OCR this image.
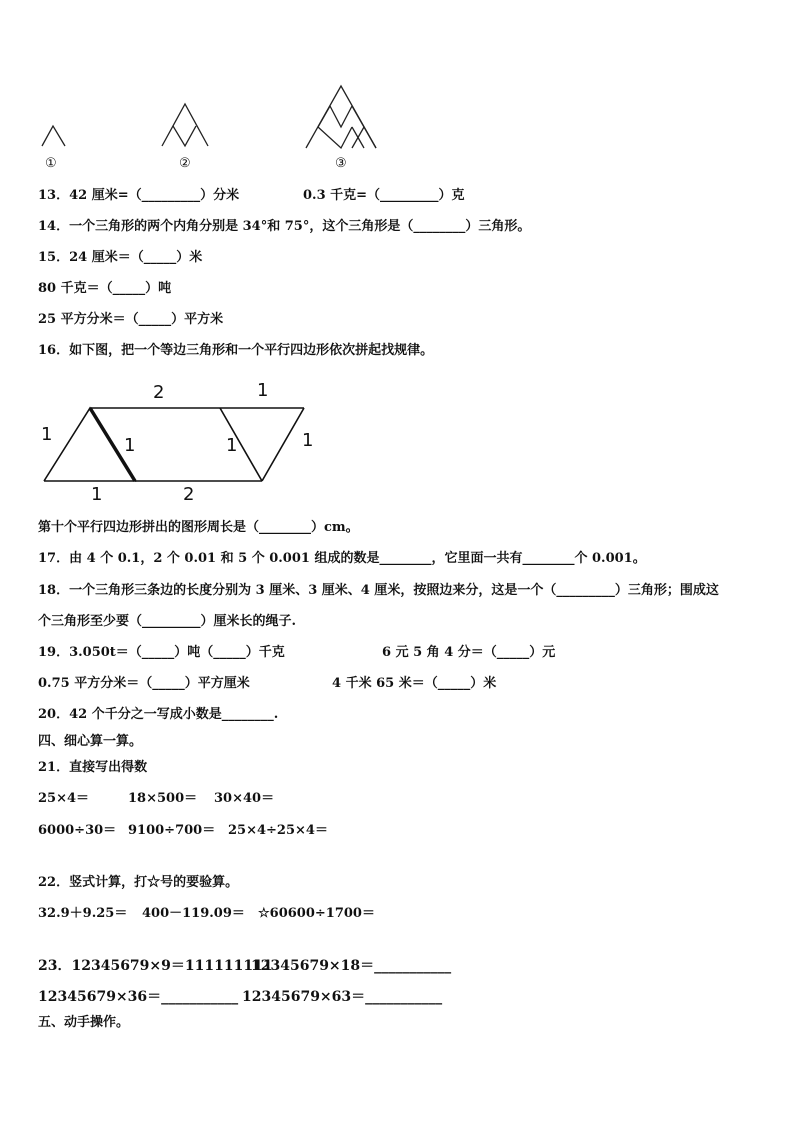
①	②	③
13．42 厘米=（_________）分米	0.3 千克=（_________）克
14．一个三角形的两个内角分别是 34°和 75°，这个三角形是（________）三角形。
15．24 厘米＝（_____）米
80 千克＝（_____）吨
25 平方分米＝（_____）平方米
16．如下图，把一个等边三角形和一个平行四边形依次拼起找规律。
2	1
1
1	1	1
1	2
第十个平行四边形拼出的图形周长是（________）cm。
17．由 4 个 0.1，2 个 0.01 和 5 个 0.001 组成的数是________，它里面一共有________个 0.001。
18．一个三角形三条边的长度分别为 3 厘米、3 厘米、4 厘米，按照边来分，这是一个（_________）三角形；围成这
个三角形至少要（_________）厘米长的绳子.
19．3.050t＝（_____）吨（_____）千克	6 元 5 角 4 分＝（_____）元
0.75 平方分米＝（_____）平方厘米	4 千米 65 米＝（_____）米
20．42 个千分之一写成小数是________.
四、细心算一算。
21．直接写出得数
25×4＝	18×500＝ 30×40＝
6000÷30＝ 9100÷700＝ 25×4÷25×4＝
22．竖式计算，打☆号的要验算。
32.9＋9.25＝ 400－119.09＝ ☆60600÷1700＝
23．12345679×9＝111111111
12345679×18＝___________
12345679×36＝___________ 12345679×63＝___________
五、动手操作。
